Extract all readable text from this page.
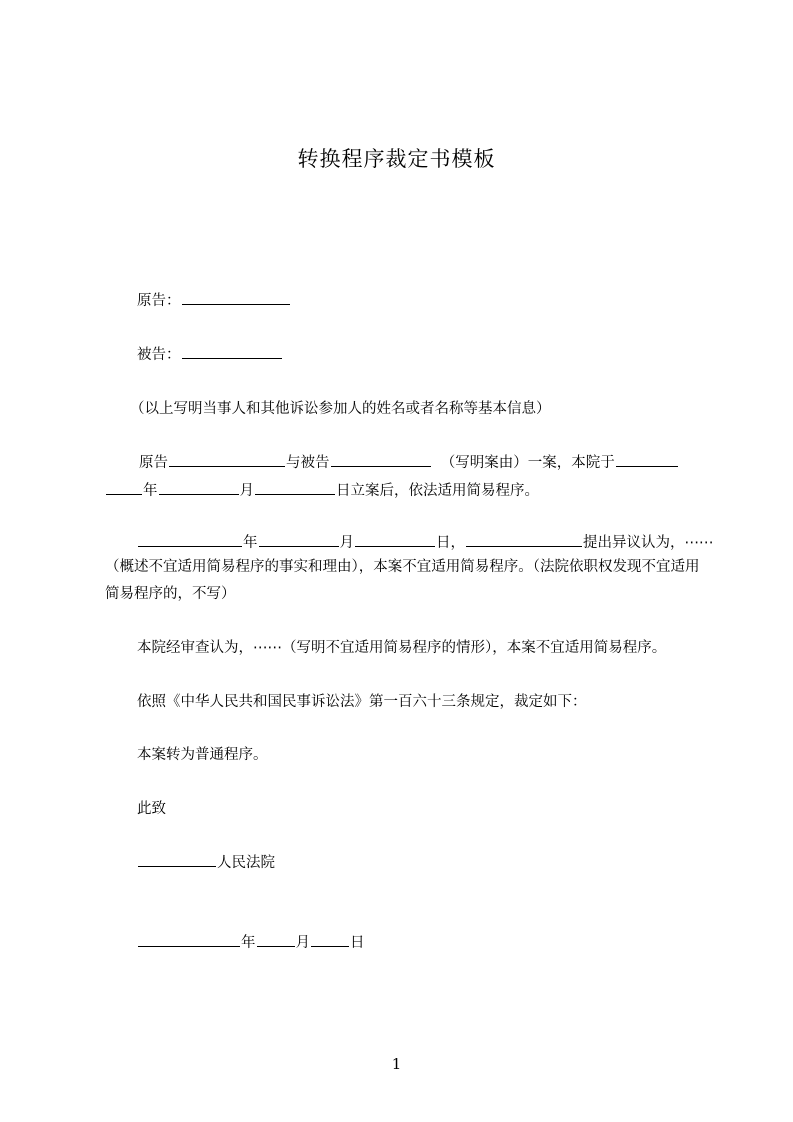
转换程序裁定书模板
原告：
被告：
（以上写明当事人和其他诉讼参加人的姓名或者名称等基本信息）
原告	与被告	（写明案由）一案，本院于
年	月	日立案后，依法适用简易程序。
年	月	日，	提出异议认为，⋯⋯
（概述不宜适用简易程序的事实和理由），本案不宜适用简易程序。（法院依职权发现不宜适用简易程序的，不写）
本院经审查认为，⋯⋯（写明不宜适用简易程序的情形），本案不宜适用简易程序。
依照《中华人民共和国民事诉讼法》第一百六十三条规定，裁定如下：
本案转为普通程序。
此致
人民法院
年	月	日
1
